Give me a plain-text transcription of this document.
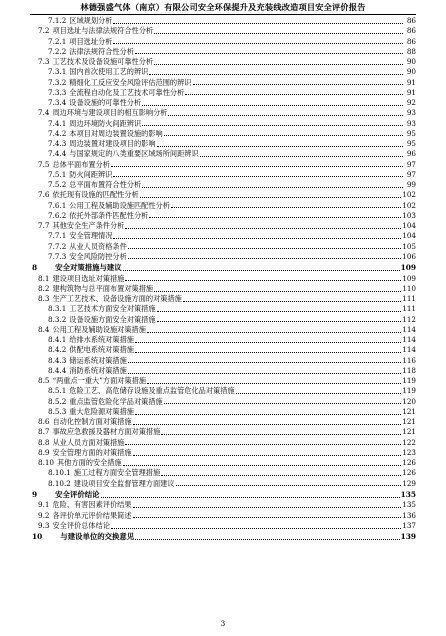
林德强盛气体（南京）有限公司安全环保提升及充装线改造项目安全评价报告
7.1.2 区域规划分析	86
7.2 项目选址与法律法规符合性分析	86
7.2.1 项目选址分析	86
7.2.2 法律法规符合性分析	88
7.3 工艺技术及设备设施可靠性分析	90
7.3.1 国内首次使用工艺的辨识	90
7.3.2 精细化工反应安全风险评估范围的辨识	91
7.3.3 全流程自动化及工艺技术可靠性分析	91
7.3.4 设备设施的可靠性分析	92
7.4 周边环境与建设项目的相互影响分析	93
7.4.1 周边环境防火间距辨识	93
7.4.2 本项目对周边装置设施的影响	95
7.4.3 周边装置对建设项目的影响	95
7.4.4 与国家规定的八类重要区域场所间距辨识	96
7.5 总体平面布置分析	97
7.5.1 防火间距辨识	97
7.5.2 总平面布置符合性分析	99
7.6 依托现有设施的匹配性分析	102
7.6.1 公用工程及辅助设施匹配性分析	102
7.6.2 依托外部条件匹配性分析	103
7.7 其他安全生产条件分析	104
7.7.1 安全管理情况	104
7.7.2 从业人员资格条件	105
7.7.3 安全风险防控分析	106
8 安全对策措施与建议	109
8.1 建设项目选址对策措施	109
8.2 建构筑物与总平面布置对策措施	110
8.3 生产工艺技术、设备设施方面的对策措施	111
8.3.1 工艺技术方面安全对策措施	111
8.3.2 设备设施方面安全对策措施	112
8.4 公用工程及辅助设施对策措施	114
8.4.1 给排水系统对策措施	114
8.4.2 供配电系统对策措施	114
8.4.3 储运系统对策措施	116
8.4.4 消防系统对策措施	118
8.5 “两重点一重大”方面对策措施	119
8.5.1 危险工艺、高危储存设施及重点监管危化品对策措施	119
8.5.2 重点监管危险化学品对策措施	120
8.5.3 重大危险源对策措施	121
8.6 自动化控制方面对策措施	121
8.7 事故应急救援及器材方面对策措施	121
8.8 从业人员方面对策措施	122
8.9 安全管理方面的对策措施	123
8.10 其他方面的安全措施	126
8.10.1 施工过程方面安全管理措施	126
8.10.2 建设项目安全监督管理方面建议	129
9 安全评价结论	135
9.1 危险、有害因素评价结果	135
9.2 各评价单元评价结果简述	136
9.3 安全评价总体结论	137
10 与建设单位的交换意见	139
3
